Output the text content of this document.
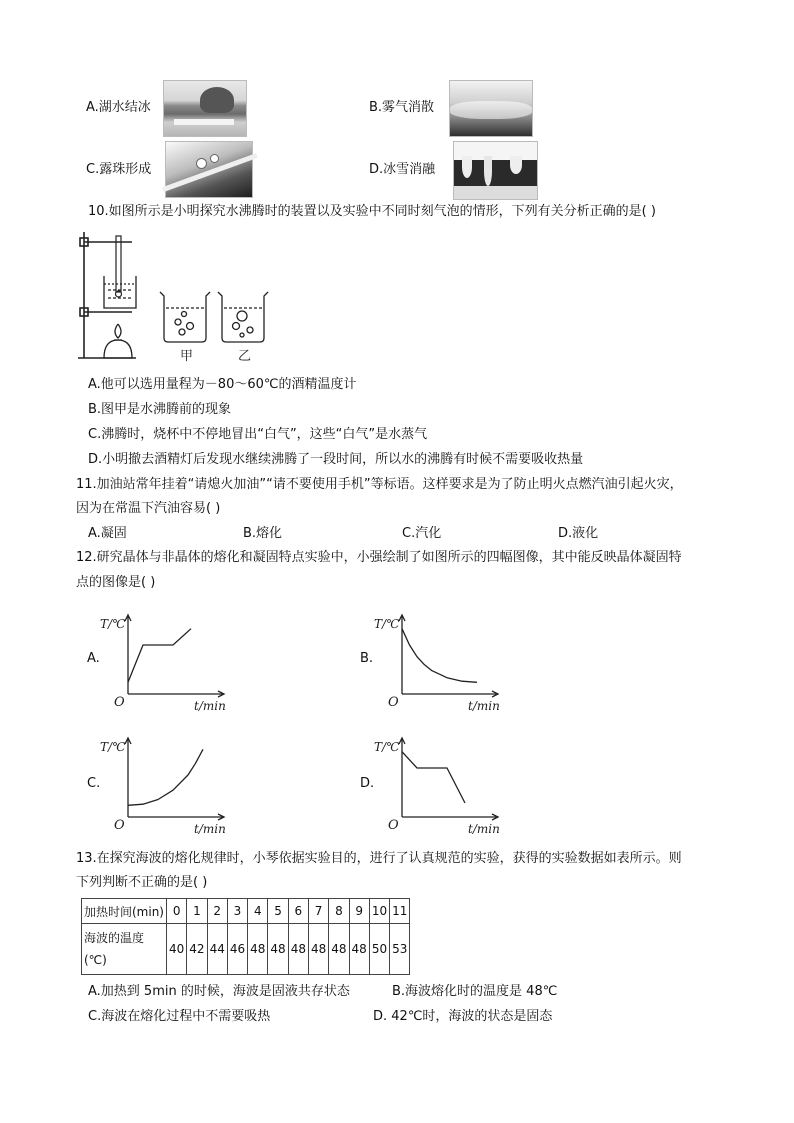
A.湖水结冰	B.雾气消散
C.露珠形成	D.冰雪消融
10.如图所示是小明探究水沸腾时的装置以及实验中不同时刻气泡的情形，下列有关分析正确的是( )
甲	乙
A.他可以选用量程为－80～60℃的酒精温度计
B.图甲是水沸腾前的现象
C.沸腾时，烧杯中不停地冒出“白气”，这些“白气”是水蒸气
D.小明撤去酒精灯后发现水继续沸腾了一段时间，所以水的沸腾有时候不需要吸收热量
11.加油站常年挂着“请熄火加油”“请不要使用手机”等标语。这样要求是为了防止明火点燃汽油引起火灾，
因为在常温下汽油容易( )
A.凝固	B.熔化	C.汽化	D.液化
12.研究晶体与非晶体的熔化和凝固特点实验中，小强绘制了如图所示的四幅图像，其中能反映晶体凝固特
点的图像是( )
A.	B.
C.	D.
T/℃
t/min
O
T/℃
t/min
O
T/℃
t/min
O
T/℃
t/min
O
13.在探究海波的熔化规律时，小琴依据实验目的，进行了认真规范的实验，获得的实验数据如表所示。则
下列判断不正确的是( )
加热时间(min)	0	1	2	3	4	5	6	7	8	9	10	11

海波的温度
(℃)	40	42	44	46	48	48	48	48	48	48	50	53
A.加热到 5min 的时候，海波是固液共存状态	B.海波熔化时的温度是 48℃
C.海波在熔化过程中不需要吸热	D. 42℃时，海波的状态是固态
